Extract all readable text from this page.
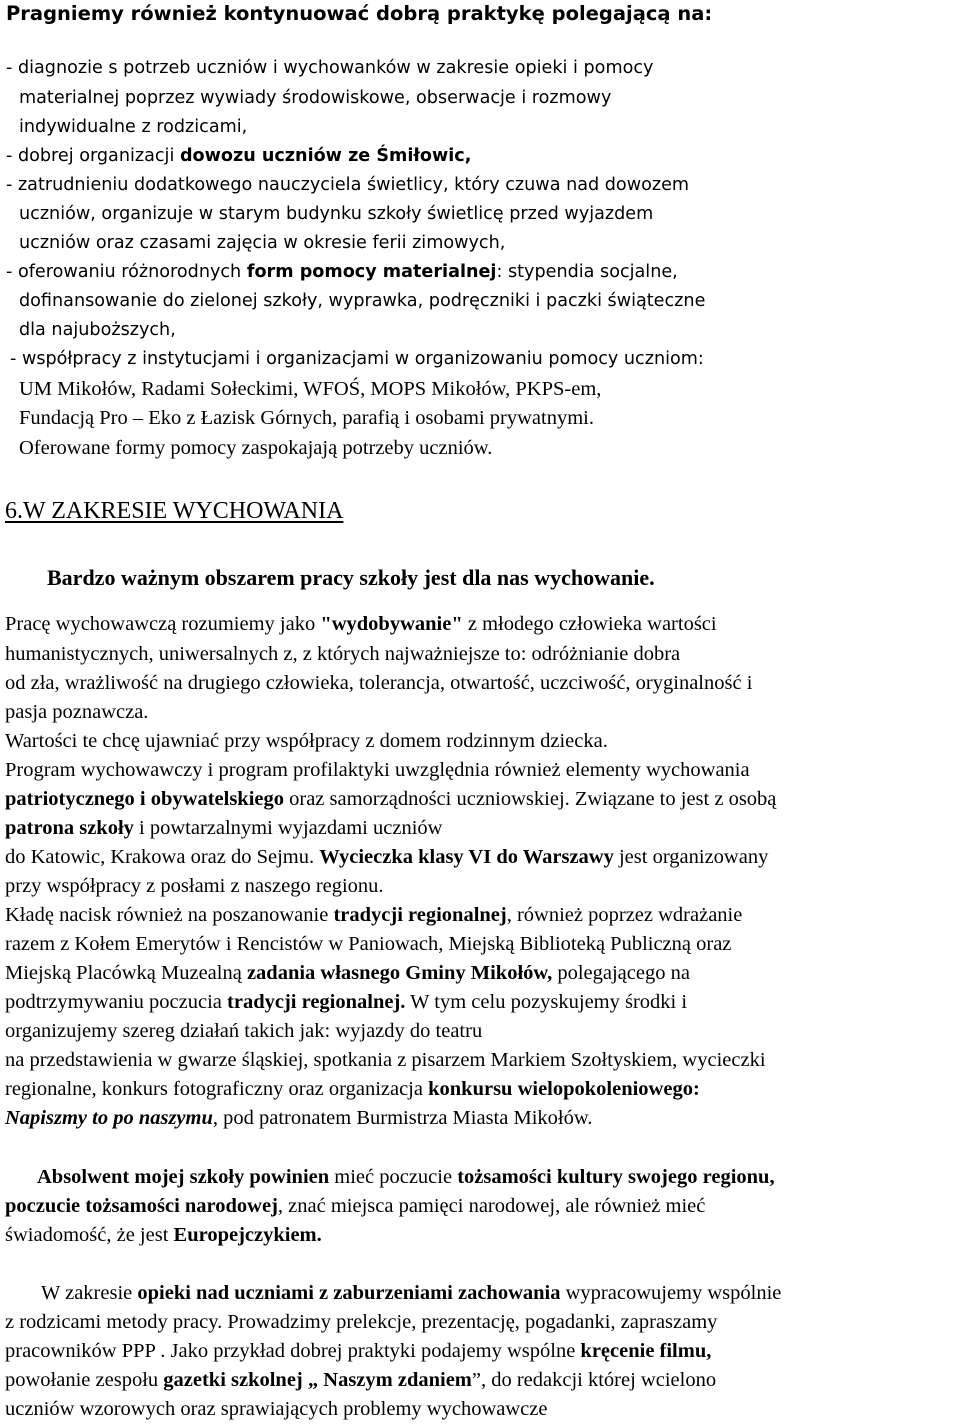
Pragniemy również kontynuować dobrą praktykę polegającą na:
- diagnozie s potrzeb uczniów i wychowanków w zakresie opieki i pomocy
materialnej poprzez wywiady środowiskowe, obserwacje i rozmowy
indywidualne z rodzicami,
- dobrej organizacji dowozu uczniów ze Śmiłowic,
- zatrudnieniu dodatkowego nauczyciela świetlicy, który czuwa nad dowozem
uczniów, organizuje w starym budynku szkoły świetlicę przed wyjazdem
uczniów oraz czasami zajęcia w okresie ferii zimowych,
- oferowaniu różnorodnych form pomocy materialnej: stypendia socjalne,
dofinansowanie do zielonej szkoły, wyprawka, podręczniki i paczki świąteczne
dla najuboższych,
- współpracy z instytucjami i organizacjami w organizowaniu pomocy uczniom:
UM Mikołów, Radami Sołeckimi, WFOŚ, MOPS Mikołów, PKPS-em,
Fundacją Pro – Eko z Łazisk Górnych, parafią i osobami prywatnymi.
Oferowane formy pomocy zaspokajają potrzeby uczniów.
6.W ZAKRESIE WYCHOWANIA
Bardzo ważnym obszarem pracy szkoły jest dla nas wychowanie.
Pracę wychowawczą rozumiemy jako "wydobywanie" z młodego człowieka wartości
humanistycznych, uniwersalnych z, z których najważniejsze to: odróżnianie dobra
od zła, wrażliwość na drugiego człowieka, tolerancja, otwartość, uczciwość, oryginalność i
pasja poznawcza.
Wartości te chcę ujawniać przy współpracy z domem rodzinnym dziecka.
Program wychowawczy i program profilaktyki uwzględnia również elementy wychowania
patriotycznego i obywatelskiego oraz samorządności uczniowskiej. Związane to jest z osobą
patrona szkoły i powtarzalnymi wyjazdami uczniów
do Katowic, Krakowa oraz do Sejmu. Wycieczka klasy VI do Warszawy jest organizowany
przy współpracy z posłami z naszego regionu.
Kładę nacisk również na poszanowanie tradycji regionalnej, również poprzez wdrażanie
razem z Kołem Emerytów i Rencistów w Paniowach, Miejską Biblioteką Publiczną oraz
Miejską Placówką Muzealną zadania własnego Gminy Mikołów, polegającego na
podtrzymywaniu poczucia tradycji regionalnej. W tym celu pozyskujemy środki i
organizujemy szereg działań takich jak: wyjazdy do teatru
na przedstawienia w gwarze śląskiej, spotkania z pisarzem Markiem Szołtyskiem, wycieczki
regionalne, konkurs fotograficzny oraz organizacja konkursu wielopokoleniowego:
Napiszmy to po naszymu, pod patronatem Burmistrza Miasta Mikołów.
Absolwent mojej szkoły powinien mieć poczucie tożsamości kultury swojego regionu,
poczucie tożsamości narodowej, znać miejsca pamięci narodowej, ale również mieć
świadomość, że jest Europejczykiem.
W zakresie opieki nad uczniami z zaburzeniami zachowania wypracowujemy wspólnie
z rodzicami metody pracy. Prowadzimy prelekcje, prezentację, pogadanki, zapraszamy
pracowników PPP . Jako przykład dobrej praktyki podajemy wspólne kręcenie filmu,
powołanie zespołu gazetki szkolnej „ Naszym zdaniem”, do redakcji której wcielono
uczniów wzorowych oraz sprawiających problemy wychowawcze
